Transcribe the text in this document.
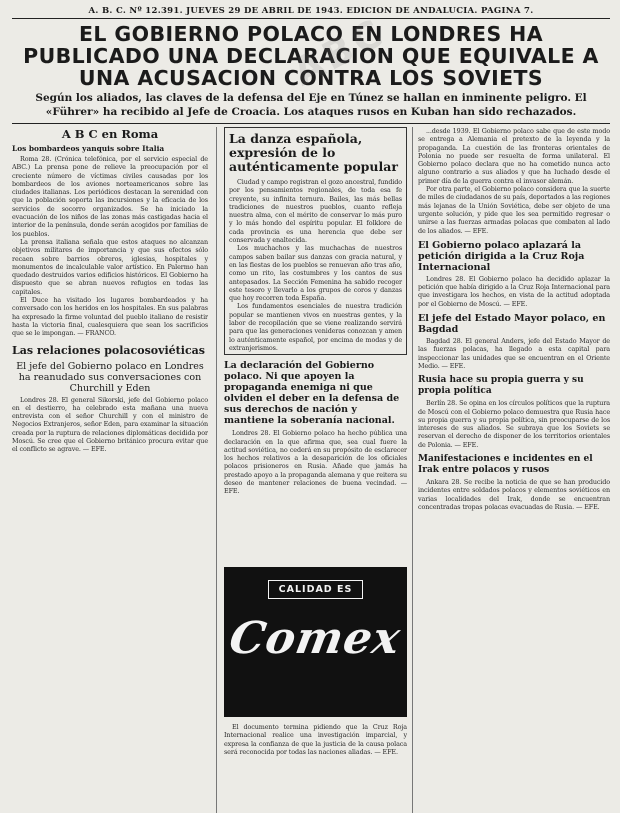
ABC
A. B. C. Nº 12.391. JUEVES 29 DE ABRIL DE 1943. EDICION DE ANDALUCIA. PAGINA 7.
EL GOBIERNO POLACO EN LONDRES HA PUBLICADO UNA DECLARACION QUE EQUIVALE A UNA ACUSACION CONTRA LOS SOVIETS
Según los aliados, las claves de la defensa del Eje en Túnez se hallan en inminente peligro. El «Führer» ha recibido al Jefe de Croacia. Los ataques rusos en Kuban han sido rechazados.
A B C en Roma
Los bombardeos yanquis sobre Italia

Roma 28. (Crónica telefónica, por el servicio especial de ABC.) La prensa pone de relieve la preocupación por el creciente número de víctimas civiles causadas por los bombardeos de los aviones norteamericanos sobre las ciudades italianas. Los periódicos destacan la serenidad con que la población soporta las incursiones y la eficacia de los servicios de socorro organizados. Se ha iniciado la evacuación de los niños de las zonas más castigadas hacia el interior de la península, donde serán acogidos por familias de los pueblos.

La prensa italiana señala que estos ataques no alcanzan objetivos militares de importancia y que sus efectos sólo recaen sobre barrios obreros, iglesias, hospitales y monumentos de incalculable valor artístico. En Palermo han quedado destruidos varios edificios históricos. El Gobierno ha dispuesto que se abran nuevos refugios en todas las capitales.

El Duce ha visitado los lugares bombardeados y ha conversado con los heridos en los hospitales. En sus palabras ha expresado la firme voluntad del pueblo italiano de resistir hasta la victoria final, cualesquiera que sean los sacrificios que se le impongan. — FRANCO.

Las relaciones polacosoviéticas
El jefe del Gobierno polaco en Londres ha reanudado sus conversaciones con Churchill y Eden

Londres 28. El general Sikorski, jefe del Gobierno polaco en el destierro, ha celebrado esta mañana una nueva entrevista con el señor Churchill y con el ministro de Negocios Extranjeros, señor Eden, para examinar la situación creada por la ruptura de relaciones diplomáticas decidida por Moscú. Se cree que el Gobierno británico procura evitar que el conflicto se agrave. — EFE.

La danza española, expresión de lo auténticamente popular

Ciudad y campo registran el gozo ancestral, fundido por los pensamientos regionales, de toda esa fe creyente, su infinita ternura. Bailes, las más bellas tradiciones de nuestros pueblos, cuanto refleja nuestra alma, con el mérito de conservar lo más puro y lo más hondo del espíritu popular. El folklore de cada provincia es una herencia que debe ser conservada y enaltecida.

Los muchachos y las muchachas de nuestros campos saben bailar sus danzas con gracia natural, y en las fiestas de los pueblos se renuevan año tras año, como un rito, las costumbres y los cantos de sus antepasados. La Sección Femenina ha sabido recoger este tesoro y llevarlo a los grupos de coros y danzas que hoy recorren toda España.

Los fundamentos esenciales de nuestra tradición popular se mantienen vivos en nuestras gentes, y la labor de recopilación que se viene realizando servirá para que las generaciones venideras conozcan y amen lo auténticamente español, por encima de modas y de extranjerismos.

La declaración del Gobierno polaco. Ni que apoyen la propaganda enemiga ni que olviden el deber en la defensa de sus derechos de nación y mantiene la soberanía nacional.

Londres 28. El Gobierno polaco ha hecho pública una declaración en la que afirma que, sea cual fuere la actitud soviética, no cederá en su propósito de esclarecer los hechos relativos a la desaparición de los oficiales polacos prisioneros en Rusia. Añade que jamás ha prestado apoyo a la propaganda alemana y que reitera su deseo de mantener relaciones de buena vecindad. — EFE.

CALIDAD ES
Comex

El documento termina pidiendo que la Cruz Roja Internacional realice una investigación imparcial, y expresa la confianza de que la justicia de la causa polaca será reconocida por todas las naciones aliadas. — EFE.

...desde 1939. El Gobierno polaco sabe que de este modo se entrega a Alemania el pretexto de la leyenda y la propaganda. La cuestión de las fronteras orientales de Polonia no puede ser resuelta de forma unilateral. El Gobierno polaco declara que no ha cometido nunca acto alguno contrario a sus aliados y que ha luchado desde el primer día de la guerra contra el invasor alemán.

Por otra parte, el Gobierno polaco considera que la suerte de miles de ciudadanos de su país, deportados a las regiones más lejanas de la Unión Soviética, debe ser objeto de una urgente solución, y pide que les sea permitido regresar o unirse a las fuerzas armadas polacas que combaten al lado de los aliados. — EFE.

El Gobierno polaco aplazará la petición dirigida a la Cruz Roja Internacional

Londres 28. El Gobierno polaco ha decidido aplazar la petición que había dirigido a la Cruz Roja Internacional para que investigara los hechos, en vista de la actitud adoptada por el Gobierno de Moscú. — EFE.

El jefe del Estado Mayor polaco, en Bagdad

Bagdad 28. El general Anders, jefe del Estado Mayor de las fuerzas polacas, ha llegado a esta capital para inspeccionar las unidades que se encuentran en el Oriente Medio. — EFE.

Rusia hace su propia guerra y su propia política

Berlín 28. Se opina en los círculos políticos que la ruptura de Moscú con el Gobierno polaco demuestra que Rusia hace su propia guerra y su propia política, sin preocuparse de los intereses de sus aliados. Se subraya que los Soviets se reservan el derecho de disponer de los territorios orientales de Polonia. — EFE.

Manifestaciones e incidentes en el Irak entre polacos y rusos

Ankara 28. Se recibe la noticia de que se han producido incidentes entre soldados polacos y elementos soviéticos en varias localidades del Irak, donde se encuentran concentradas tropas polacas evacuadas de Rusia. — EFE.
